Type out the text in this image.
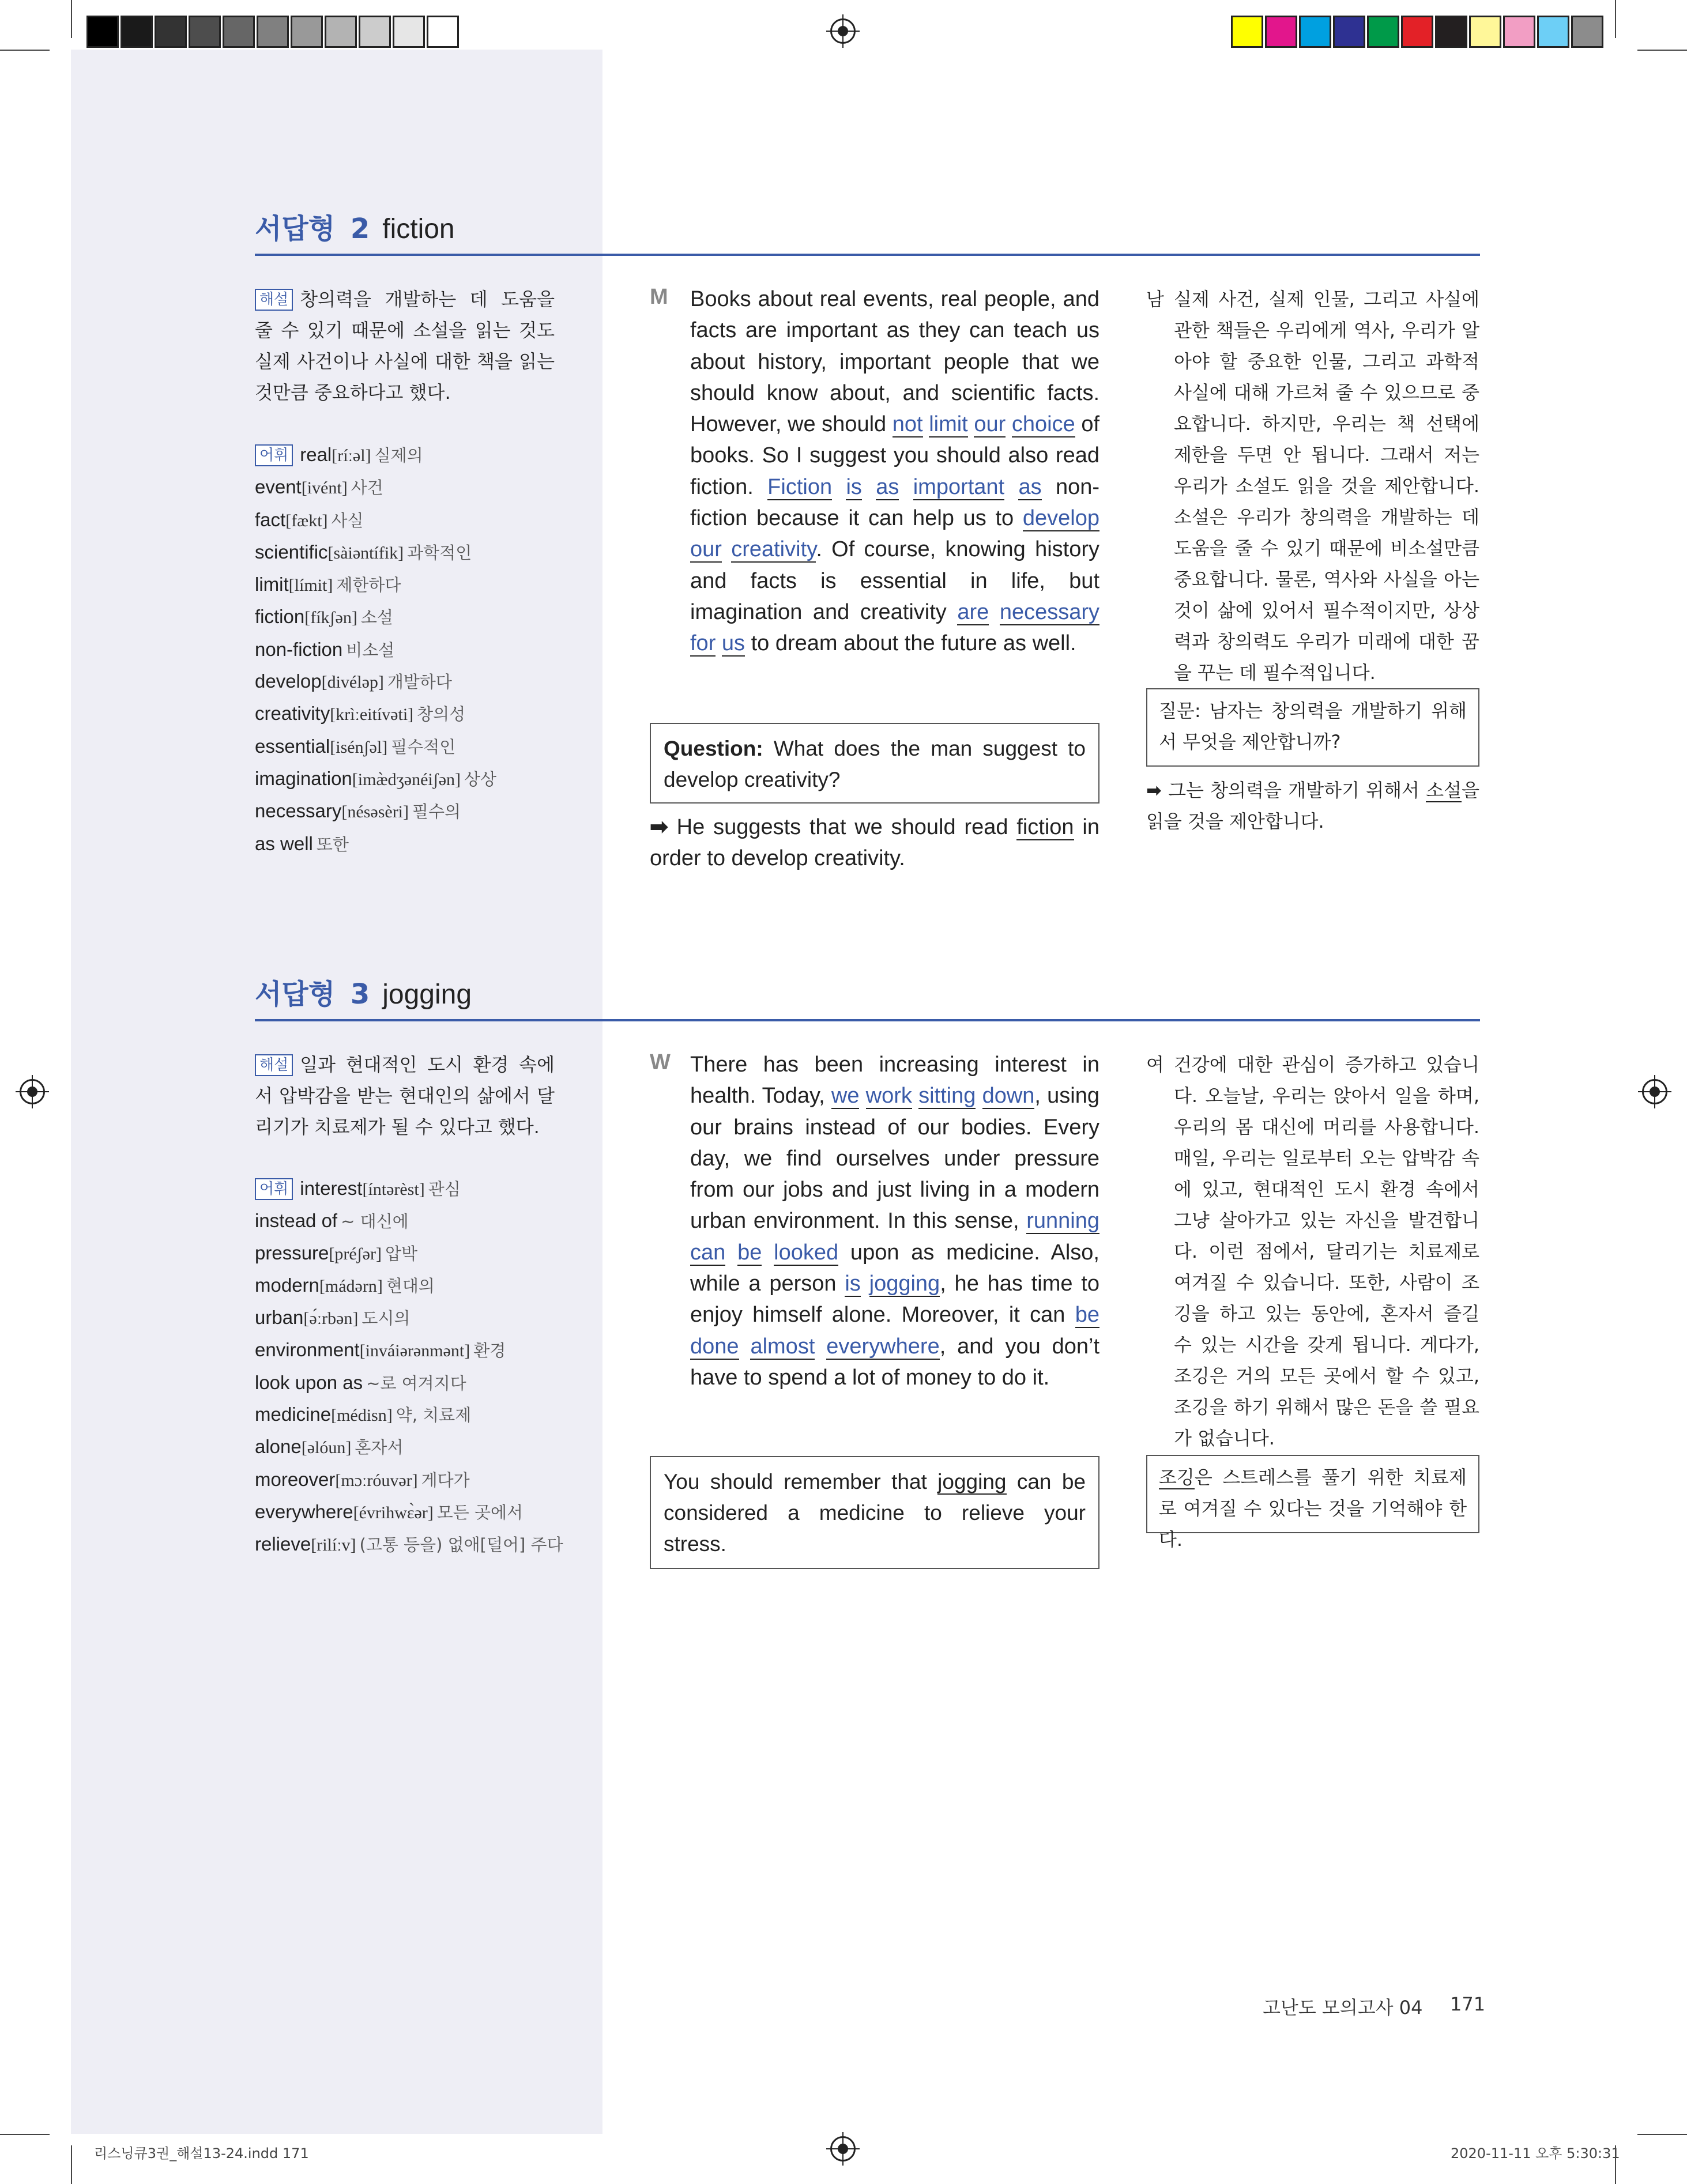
서답형 2 fiction
해설 창의력을 개발하는 데 도움을 줄 수 있기 때문에 소설을 읽는 것도 실제 사건이나 사실에 대한 책을 읽는 것만큼 중요하다고 했다.
어휘 real[ríːəl] 실제의
event[ivént] 사건
fact[fækt] 사실
scientific[sàiəntífik] 과학적인
limit[límit] 제한하다
fiction[fíkʃən] 소설
non-fiction 비소설
develop[divéləp] 개발하다
creativity[krìːeitívəti] 창의성
essential[isénʃəl] 필수적인
imagination[imæ̀dʒənéiʃən] 상상
necessary[nésəsèri] 필수의
as well 또한
M Books about real events, real people, and facts are important as they can teach us about history, important people that we should know about, and scientific facts. However, we should not limit our choice of books. So I suggest you should also read fiction. Fiction is as important as non-fiction because it can help us to develop our creativity. Of course, knowing history and facts is essential in life, but imagination and creativity are necessary for us to dream about the future as well.
Question: What does the man suggest to develop creativity?
➡ He suggests that we should read fiction in order to develop creativity.
남 실제 사건, 실제 인물, 그리고 사실에 관한 책들은 우리에게 역사, 우리가 알아야 할 중요한 인물, 그리고 과학적 사실에 대해 가르쳐 줄 수 있으므로 중요합니다. 하지만, 우리는 책 선택에 제한을 두면 안 됩니다. 그래서 저는 우리가 소설도 읽을 것을 제안합니다. 소설은 우리가 창의력을 개발하는 데 도움을 줄 수 있기 때문에 비소설만큼 중요합니다. 물론, 역사와 사실을 아는 것이 삶에 있어서 필수적이지만, 상상력과 창의력도 우리가 미래에 대한 꿈을 꾸는 데 필수적입니다.
질문: 남자는 창의력을 개발하기 위해서 무엇을 제안합니까?
➡ 그는 창의력을 개발하기 위해서 소설을 읽을 것을 제안합니다.
서답형 3 jogging
해설 일과 현대적인 도시 환경 속에서 압박감을 받는 현대인의 삶에서 달리기가 치료제가 될 수 있다고 했다.
어휘 interest[íntərèst] 관심
instead of ~ 대신에
pressure[préʃər] 압박
modern[mádərn] 현대의
urban[ə́ːrbən] 도시의
environment[inváiərənmənt] 환경
look upon as ~로 여겨지다
medicine[médisn] 약, 치료제
alone[əlóun] 혼자서
moreover[mɔːróuvər] 게다가
everywhere[évrihwɛ̀ər] 모든 곳에서
relieve[rilíːv] (고통 등을) 없애[덜어] 주다
W There has been increasing interest in health. Today, we work sitting down, using our brains instead of our bodies. Every day, we find ourselves under pressure from our jobs and just living in a modern urban environment. In this sense, running can be looked upon as medicine. Also, while a person is jogging, he has time to enjoy himself alone. Moreover, it can be done almost everywhere, and you don’t have to spend a lot of money to do it.
You should remember that jogging can be considered a medicine to relieve your stress.
여 건강에 대한 관심이 증가하고 있습니다. 오늘날, 우리는 앉아서 일을 하며, 우리의 몸 대신에 머리를 사용합니다. 매일, 우리는 일로부터 오는 압박감 속에 있고, 현대적인 도시 환경 속에서 그냥 살아가고 있는 자신을 발견합니다. 이런 점에서, 달리기는 치료제로 여겨질 수 있습니다. 또한, 사람이 조깅을 하고 있는 동안에, 혼자서 즐길 수 있는 시간을 갖게 됩니다. 게다가, 조깅은 거의 모든 곳에서 할 수 있고, 조깅을 하기 위해서 많은 돈을 쓸 필요가 없습니다.
조깅은 스트레스를 풀기 위한 치료제로 여겨질 수 있다는 것을 기억해야 한다.
고난도 모의고사 04 171
리스닝큐3권_해설13-24.indd 171	2020-11-11 오후 5:30:31
